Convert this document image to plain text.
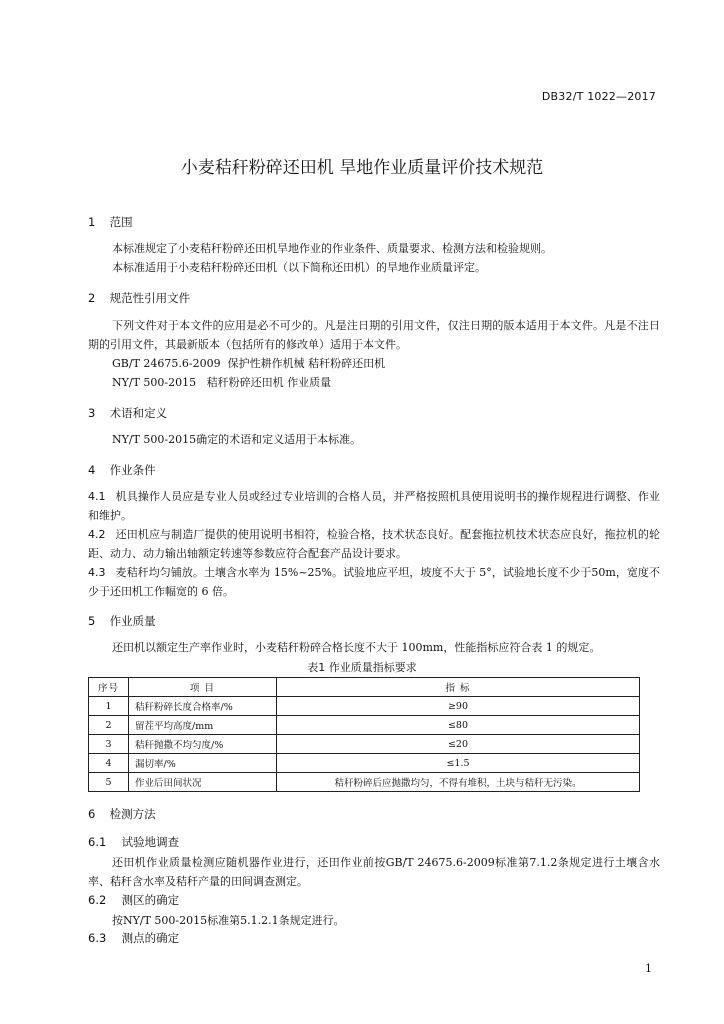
DB32/T 1022—2017
小麦秸秆粉碎还田机 旱地作业质量评价技术规范
1 范围
本标准规定了小麦秸秆粉碎还田机旱地作业的作业条件、质量要求、检测方法和检验规则。
本标准适用于小麦秸秆粉碎还田机（以下简称还田机）的旱地作业质量评定。
2 规范性引用文件
下列文件对于本文件的应用是必不可少的。凡是注日期的引用文件，仅注日期的版本适用于本文件。凡是不注日期的引用文件，其最新版本（包括所有的修改单）适用于本文件。
GB/T 24675.6-2009  保护性耕作机械 秸秆粉碎还田机
NY/T 500-2015   秸秆粉碎还田机 作业质量
3 术语和定义
NY/T 500-2015确定的术语和定义适用于本标准。
4 作业条件
4.1 机具操作人员应是专业人员或经过专业培训的合格人员，并严格按照机具使用说明书的操作规程进行调整、作业和维护。
4.2 还田机应与制造厂提供的使用说明书相符，检验合格，技术状态良好。配套拖拉机技术状态应良好，拖拉机的轮距、动力、动力输出轴额定转速等参数应符合配套产品设计要求。
4.3 麦秸秆均匀铺放。土壤含水率为 15%~25%。试验地应平坦，坡度不大于 5°，试验地长度不少于50m，宽度不少于还田机工作幅宽的 6 倍。
5 作业质量
还田机以额定生产率作业时，小麦秸秆粉碎合格长度不大于 100mm，性能指标应符合表 1 的规定。
表1 作业质量指标要求
序号	项 目	指 标
1	秸秆粉碎长度合格率/%	≥90
2	留茬平均高度/mm	≤80
3	秸秆抛撒不均匀度/%	≤20
4	漏切率/%	≤1.5
5	作业后田间状况	秸秆粉碎后应抛撒均匀，不得有堆积，土块与秸秆无污染。
6 检测方法
6.1 试验地调查
还田机作业质量检测应随机器作业进行，还田作业前按GB/T 24675.6-2009标准第7.1.2条规定进行土壤含水率、秸秆含水率及秸秆产量的田间调查测定。
6.2 测区的确定
按NY/T 500-2015标准第5.1.2.1条规定进行。
6.3 测点的确定
1
